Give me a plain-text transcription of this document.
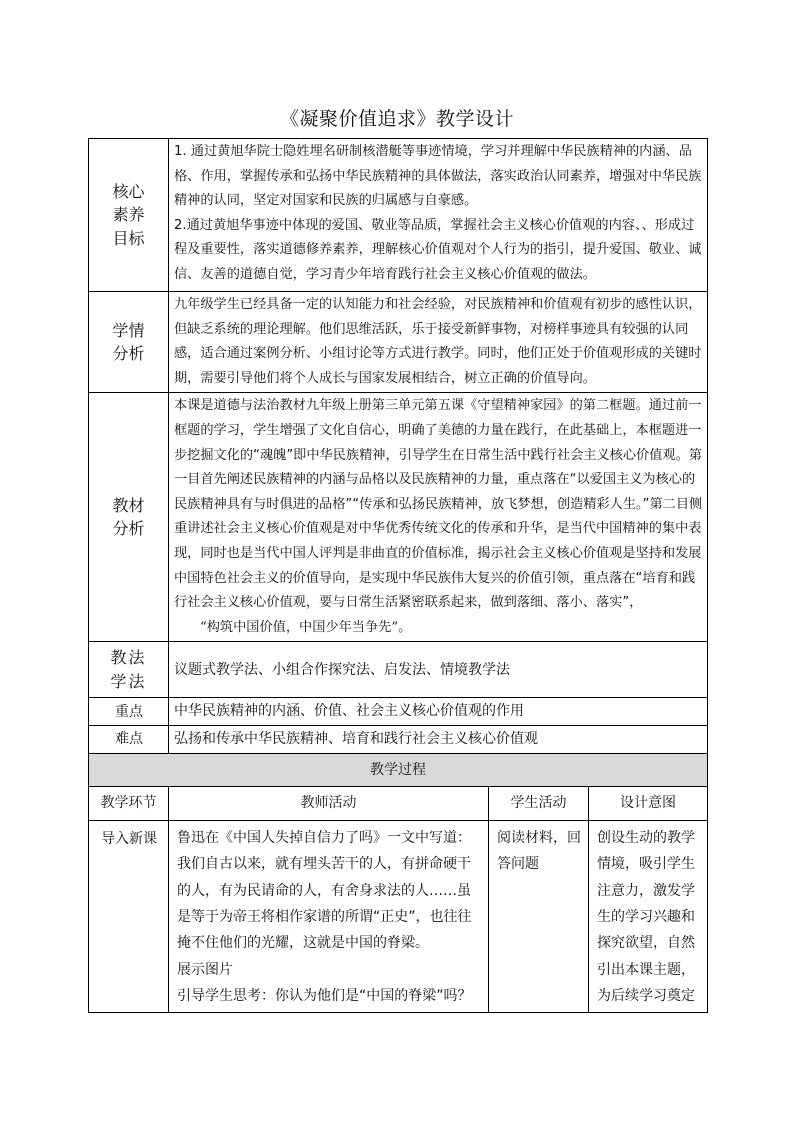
《凝聚价值追求》教学设计
核心素养目标	1. 通过黄旭华院士隐姓埋名研制核潜艇等事迹情境，学习并理解中华民族精神的内涵、品格、作用，掌握传承和弘扬中华民族精神的具体做法，落实政治认同素养，增强对中华民族精神的认同，坚定对国家和民族的归属感与自豪感。
2.通过黄旭华事迹中体现的爱国、敬业等品质，掌握社会主义核心价值观的内容、、形成过程及重要性，落实道德修养素养，理解核心价值观对个人行为的指引，提升爱国、敬业、诚信、友善的道德自觉，学习青少年培育践行社会主义核心价值观的做法。		

学情分析	九年级学生已经具备一定的认知能力和社会经验，对民族精神和价值观有初步的感性认识，但缺乏系统的理论理解。他们思维活跃，乐于接受新鲜事物，对榜样事迹具有较强的认同感，适合通过案例分析、小组讨论等方式进行教学。同时，他们正处于价值观形成的关键时期，需要引导他们将个人成长与国家发展相结合，树立正确的价值导向。		

教材分析	本课是道德与法治教材九年级上册第三单元第五课《守望精神家园》的第二框题。通过前一框题的学习，学生增强了文化自信心，明确了美德的力量在践行，在此基础上，本框题进一步挖掘文化的“魂魄”即中华民族精神，引导学生在日常生活中践行社会主义核心价值观。第一目首先阐述民族精神的内涵与品格以及民族精神的力量，重点落在“以爱国主义为核心的民族精神具有与时俱进的品格”“传承和弘扬民族精神，放飞梦想，创造精彩人生。”第二目侧重讲述社会主义核心价值观是对中华优秀传统文化的传承和升华，是当代中国精神的集中表现，同时也是当代中国人评判是非曲直的价值标准，揭示社会主义核心价值观是坚持和发展中国特色社会主义的价值导向，是实现中华民族伟大复兴的价值引领，重点落在“培育和践行社会主义核心价值观，要与日常生活紧密联系起来，做到落细、落小、落实”，
“构筑中国价值，中国少年当争先”。		

教法学法	议题式教学法、小组合作探究法、启发法、情境教学法		
重点	中华民族精神的内涵、价值、社会主义核心价值观的作用		
难点	弘扬和传承中华民族精神、培育和践行社会主义核心价值观		
教学过程			
教学环节	教师活动	学生活动	设计意图
导入新课	鲁迅在《中国人失掉自信力了吗》一文中写道：我们自古以来，就有埋头苦干的人，有拼命硬干的人，有为民请命的人，有舍身求法的人……虽是等于为帝王将相作家谱的所谓“正史”，也往往掩不住他们的光耀，这就是中国的脊梁。
展示图片
引导学生思考：你认为他们是“中国的脊梁”吗？	阅读材料，回答问题	创设生动的教学情境，吸引学生注意力，激发学生的学习兴趣和探究欲望，自然引出本课主题，为后续学习奠定
